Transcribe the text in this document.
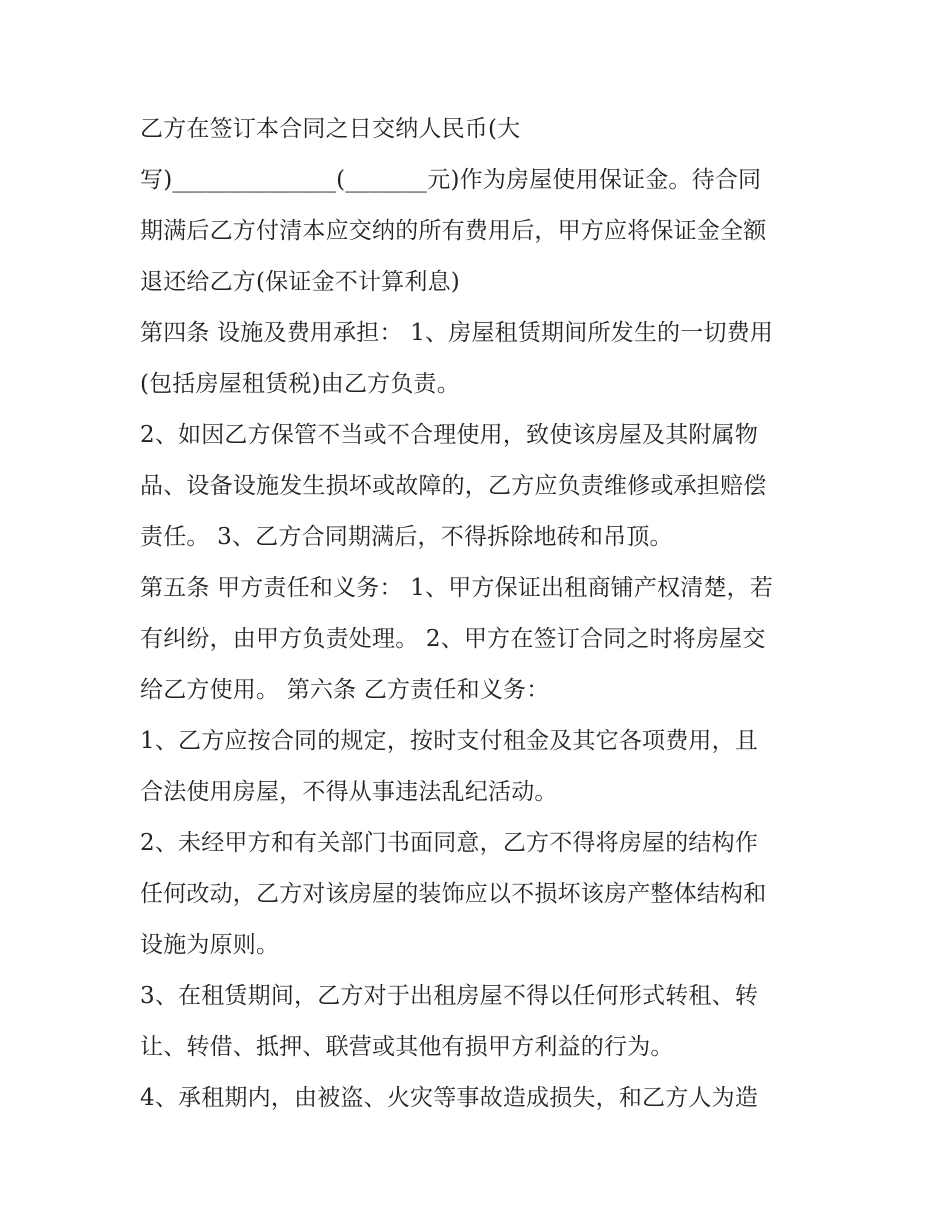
乙方在签订本合同之日交纳人民币(大
写)______________(_______元)作为房屋使用保证金。待合同
期满后乙方付清本应交纳的所有费用后，甲方应将保证金全额
退还给乙方(保证金不计算利息)
第四条 设施及费用承担： 1、房屋租赁期间所发生的一切费用
(包括房屋租赁税)由乙方负责。
2、如因乙方保管不当或不合理使用，致使该房屋及其附属物
品、设备设施发生损坏或故障的，乙方应负责维修或承担赔偿
责任。 3、乙方合同期满后，不得拆除地砖和吊顶。
第五条 甲方责任和义务： 1、甲方保证出租商铺产权清楚，若
有纠纷，由甲方负责处理。 2、甲方在签订合同之时将房屋交
给乙方使用。 第六条 乙方责任和义务：
1、乙方应按合同的规定，按时支付租金及其它各项费用，且
合法使用房屋，不得从事违法乱纪活动。
2、未经甲方和有关部门书面同意，乙方不得将房屋的结构作
任何改动，乙方对该房屋的装饰应以不损坏该房产整体结构和
设施为原则。
3、在租赁期间，乙方对于出租房屋不得以任何形式转租、转
让、转借、抵押、联营或其他有损甲方利益的行为。
4、承租期内，由被盗、火灾等事故造成损失，和乙方人为造
